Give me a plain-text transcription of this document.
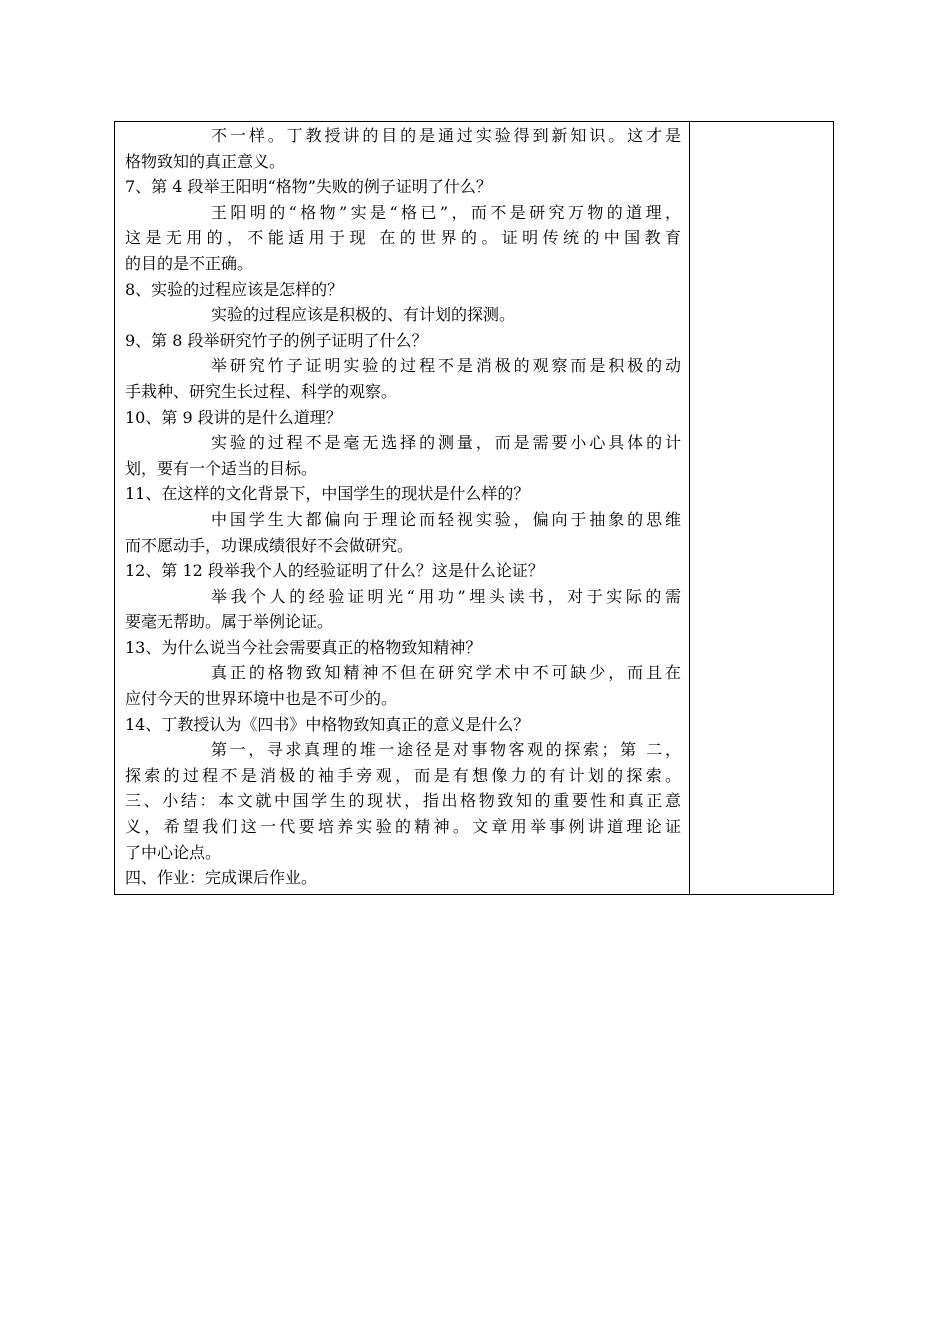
不一样。丁教授讲的目的是通过实验得到新知识。这才是
格物致知的真正意义。
7、第 4 段举王阳明“格物”失败的例子证明了什么？
王阳明的“格物”实是“格已”，而不是研究万物的道理，
这是无用的，不能适用于现 在的世界的。证明传统的中国教育
的目的是不正确。
8、实验的过程应该是怎样的？
实验的过程应该是积极的、有计划的探测。
9、第 8 段举研究竹子的例子证明了什么？
举研究竹子证明实验的过程不是消极的观察而是积极的动
手栽种、研究生长过程、科学的观察。
10、第 9 段讲的是什么道理？
实验的过程不是毫无选择的测量，而是需要小心具体的计
划，要有一个适当的目标。
11、在这样的文化背景下，中国学生的现状是什么样的？
中国学生大都偏向于理论而轻视实验，偏向于抽象的思维
而不愿动手，功课成绩很好不会做研究。
12、第 12 段举我个人的经验证明了什么？这是什么论证？
举我个人的经验证明光“用功”埋头读书，对于实际的需
要毫无帮助。属于举例论证。
13、为什么说当今社会需要真正的格物致知精神？
真正的格物致知精神不但在研究学术中不可缺少，而且在
应付今天的世界环境中也是不可少的。
14、丁教授认为《四书》中格物致知真正的意义是什么？
第一，寻求真理的堆一途径是对事物客观的探索；第 二，
探索的过程不是消极的袖手旁观，而是有想像力的有计划的探索。
三、小结：本文就中国学生的现状，指出格物致知的重要性和真正意
义，希望我们这一代要培养实验的精神。文章用举事例讲道理论证
了中心论点。
四、作业：完成课后作业。
